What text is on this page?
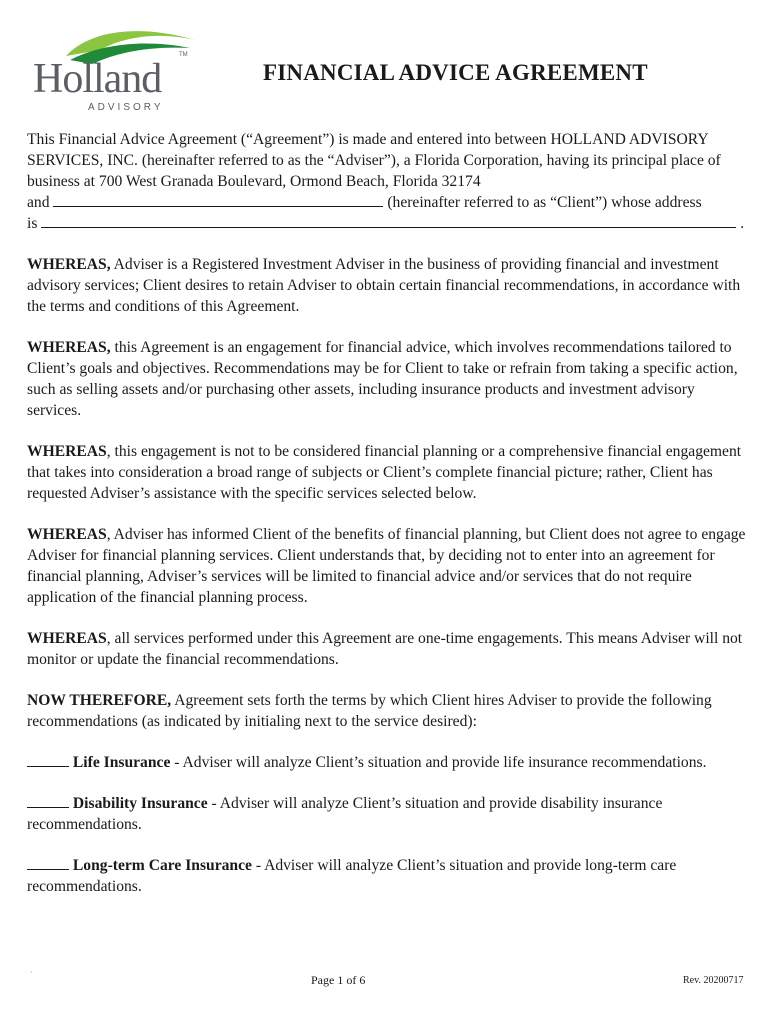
Holland
TM
ADVISORY
FINANCIAL ADVICE AGREEMENT

This Financial Advice Agreement (“Agreement”) is made and entered into between HOLLAND ADVISORY SERVICES, INC. (hereinafter referred to as the “Adviser”), a Florida Corporation, having its principal place of business at 700 West Granada Boulevard, Ormond Beach, Florida 32174
and	(hereinafter referred to as “Client”) whose address
is	.

WHEREAS, Adviser is a Registered Investment Adviser in the business of providing financial and investment advisory services; Client desires to retain Adviser to obtain certain financial recommendations, in accordance with the terms and conditions of this Agreement.

WHEREAS, this Agreement is an engagement for financial advice, which involves recommendations tailored to Client’s goals and objectives. Recommendations may be for Client to take or refrain from taking a specific action, such as selling assets and/or purchasing other assets, including insurance products and investment advisory services.

WHEREAS, this engagement is not to be considered financial planning or a comprehensive financial engagement that takes into consideration a broad range of subjects or Client’s complete financial picture; rather, Client has requested Adviser’s assistance with the specific services selected below.

WHEREAS, Adviser has informed Client of the benefits of financial planning, but Client does not agree to engage Adviser for financial planning services. Client understands that, by deciding not to enter into an agreement for financial planning, Adviser’s services will be limited to financial advice and/or services that do not require application of the financial planning process.

WHEREAS, all services performed under this Agreement are one-time engagements. This means Adviser will not monitor or update the financial recommendations.

NOW THEREFORE, Agreement sets forth the terms by which Client hires Adviser to provide the following recommendations (as indicated by initialing next to the service desired):

Life Insurance - Adviser will analyze Client’s situation and provide life insurance recommendations.

Disability Insurance - Adviser will analyze Client’s situation and provide disability insurance recommendations.

Long-term Care Insurance - Adviser will analyze Client’s situation and provide long-term care recommendations.

`	Page 1 of 6	Rev. 20200717
